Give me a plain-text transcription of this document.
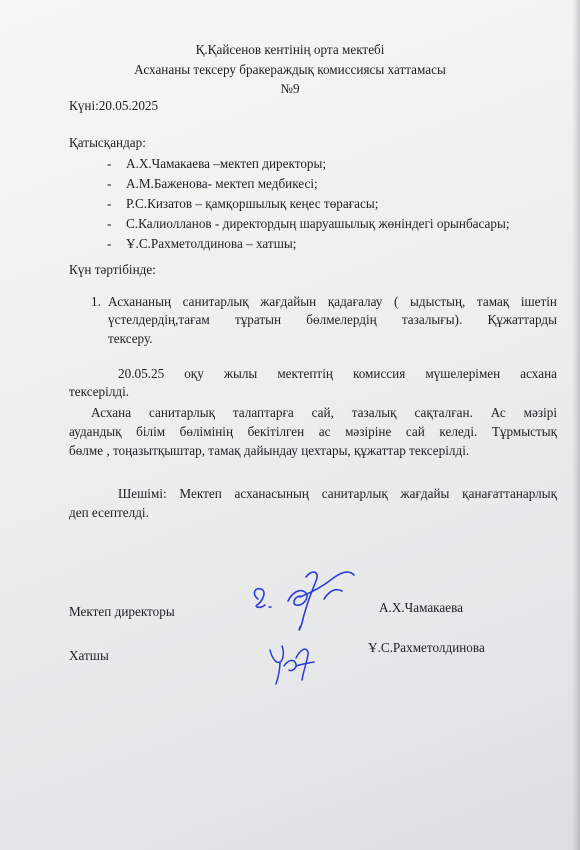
Қ.Қайсенов кентінің орта мектебі
Асхананы тексеру бракераждық комиссиясы хаттамасы
№9
Күні:20.05.2025
Қатысқандар:
- А.Х.Чамакаева –мектеп директоры;
- А.М.Баженова- мектеп медбикесі;
- Р.С.Кизатов – қамқоршылық кеңес төрағасы;
- С.Калиолланов - директордың шаруашылық жөніндегі орынбасары;
- Ұ.С.Рахметолдинова – хатшы;
Күн тәртібінде:
1. Асхананың санитарлық жағдайын қадағалау ( ыдыстың, тамақ ішетін
үстелдердің,тағам тұратын бөлмелердің тазалығы). Құжаттарды
тексеру.
20.05.25 оқу жылы мектептің комиссия мүшелерімен асхана
тексерілді.
Асхана санитарлық талаптарға сай, тазалық сақталған. Ас мәзірі
аудандық білім бөлімінің бекітілген ас мәзіріне сай келеді. Тұрмыстық
бөлме , тоңазытқыштар, тамақ дайындау цехтары, құжаттар тексерілді.
Шешімі: Мектеп асханасының санитарлық жағдайы қанағаттанарлық
деп есептелді.
Мектеп директоры	А.Х.Чамакаева
Хатшы
Ұ.С.Рахметолдинова
